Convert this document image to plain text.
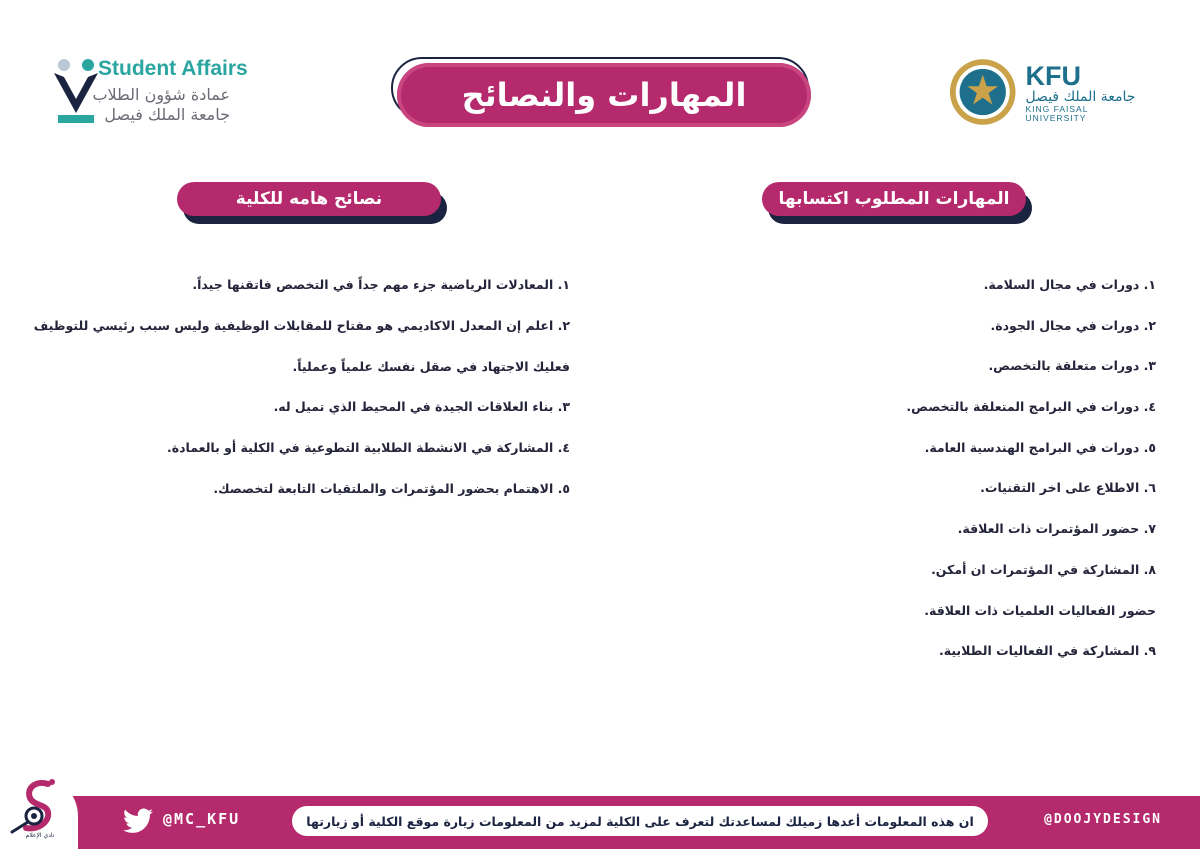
KFU
جامعة الملك فيصل
KING FAISAL UNIVERSITY
Student Affairs
عمادة شؤون الطلاب
جامعة الملك فيصل
المهارات والنصائح
المهارات المطلوب اكتسابها
نصائح هامه للكلية
١. دورات في مجال السلامة.
٢. دورات في مجال الجودة.
٣. دورات متعلقة بالتخصص.
٤. دورات في البرامج المتعلقة بالتخصص.
٥. دورات في البرامج الهندسية العامة.
٦. الاطلاع على اخر التقنيات.
٧. حضور المؤتمرات ذات العلاقة.
٨. المشاركة في المؤتمرات ان أمكن.
حضور الفعاليات العلميات ذات العلاقة.
٩. المشاركة في الفعاليات الطلابية.
١. المعادلات الرياضية جزء مهم جداً في التخصص فاتقنها جيداً.
٢. اعلم إن المعدل الاكاديمي هو مفتاح للمقابلات الوظيفية وليس سبب رئيسي للتوظيف
فعليك الاجتهاد في صقل نفسك علمياً وعملياً.
٣. بناء العلاقات الجيدة في المحيط الذي تميل له.
٤. المشاركة في الانشطة الطلابية التطوعية في الكلية أو بالعمادة.
٥. الاهتمام بحضور المؤتمرات والملتقيات التابعة لتخصصك.
نادي الإعلام
@MC_KFU	ان هذه المعلومات أعدها زميلك لمساعدتك لتعرف على الكلية لمزيد من المعلومات زيارة موقع الكلية أو زيارتها	@DOOJYDESIGN
